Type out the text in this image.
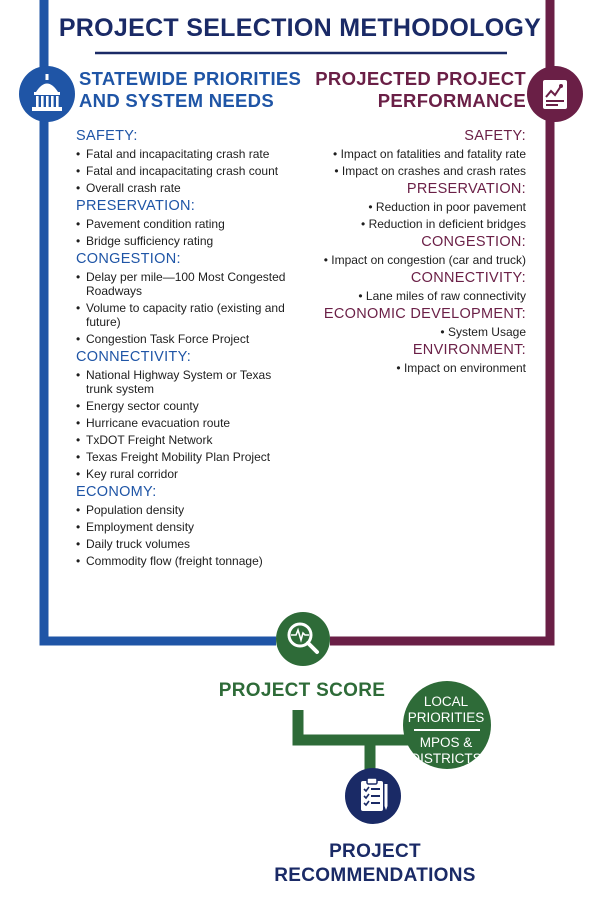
PROJECT SELECTION METHODOLOGY
STATEWIDE PRIORITIES
AND SYSTEM NEEDS
PROJECTED PROJECT
PERFORMANCE
SAFETY:
• Fatal and incapacitating crash rate
• Fatal and incapacitating crash count
• Overall crash rate
PRESERVATION:
• Pavement condition rating
• Bridge sufficiency rating
CONGESTION:
• Delay per mile—100 Most Congested Roadways
• Volume to capacity ratio (existing and future)
• Congestion Task Force Project
CONNECTIVITY:
• National Highway System or Texas trunk system
• Energy sector county
• Hurricane evacuation route
• TxDOT Freight Network
• Texas Freight Mobility Plan Project
• Key rural corridor
ECONOMY:
• Population density
• Employment density
• Daily truck volumes
• Commodity flow (freight tonnage)
SAFETY:
• Impact on fatalities and fatality rate
• Impact on crashes and crash rates
PRESERVATION:
• Reduction in poor pavement
• Reduction in deficient bridges
CONGESTION:
• Impact on congestion (car and truck)
CONNECTIVITY:
• Lane miles of raw connectivity
ECONOMIC DEVELOPMENT:
• System Usage
ENVIRONMENT:
• Impact on environment
PROJECT SCORE
LOCAL
PRIORITIES
MPOS &
DISTRICTS
PROJECT
RECOMMENDATIONS
